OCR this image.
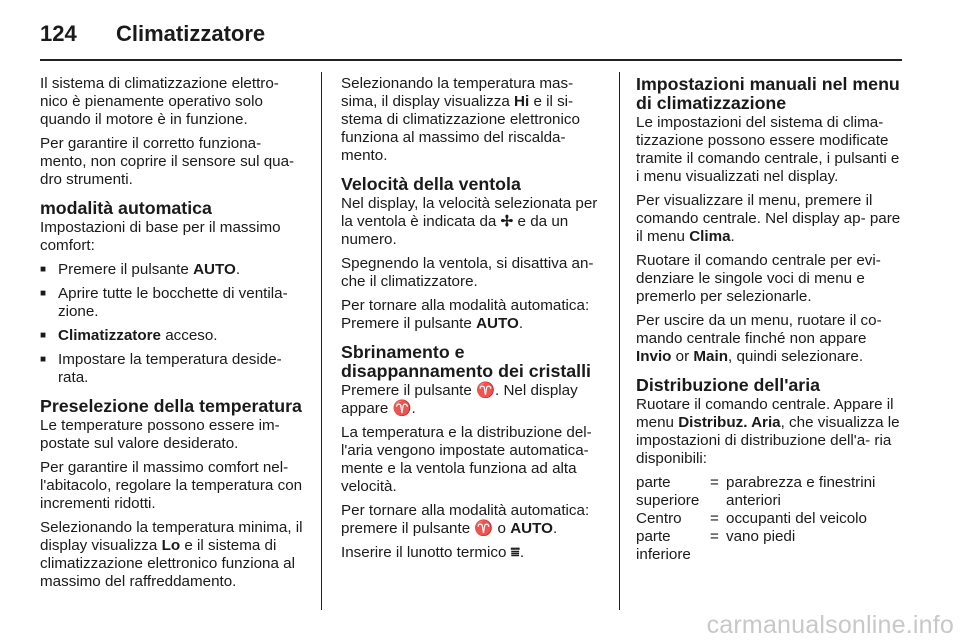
124	Climatizzatore

Il sistema di climatizzazione elettro- nico è pienamente operativo solo quando il motore è in funzione.

Per garantire il corretto funziona- mento, non coprire il sensore sul qua- dro strumenti.

modalità automatica

Impostazioni di base per il massimo comfort:

■ Premere il pulsante AUTO.
■ Aprire tutte le bocchette di ventila- zione.
■ Climatizzatore acceso.
■ Impostare la temperatura deside- rata.
Preselezione della temperatura

Le temperature possono essere im- postate sul valore desiderato.

Per garantire il massimo comfort nel- l'abitacolo, regolare la temperatura con incrementi ridotti.

Selezionando la temperatura minima, il display visualizza Lo e il sistema di climatizzazione elettronico funziona al massimo del raffreddamento.

Selezionando la temperatura mas- sima, il display visualizza Hi e il si- stema di climatizzazione elettronico funziona al massimo del riscalda- mento.

Velocità della ventola

Nel display, la velocità selezionata per la ventola è indicata da ✢ e da un numero.

Spegnendo la ventola, si disattiva an- che il climatizzatore.

Per tornare alla modalità automatica: Premere il pulsante AUTO.

Sbrinamento e disappannamento dei cristalli

Premere il pulsante ♈. Nel display appare ♈.

La temperatura e la distribuzione del- l'aria vengono impostate automatica- mente e la ventola funziona ad alta velocità.

Per tornare alla modalità automatica: premere il pulsante ♈ o AUTO.

Inserire il lunotto termico ⩸.

Impostazioni manuali nel menu di climatizzazione

Le impostazioni del sistema di clima- tizzazione possono essere modificate tramite il comando centrale, i pulsanti e i menu visualizzati nel display.

Per visualizzare il menu, premere il comando centrale. Nel display ap- pare il menu Clima.

Ruotare il comando centrale per evi- denziare le singole voci di menu e premerlo per selezionarle.

Per uscire da un menu, ruotare il co- mando centrale finché non appare Invio or Main, quindi selezionare.

Distribuzione dell'aria

Ruotare il comando centrale. Appare il menu Distribuz. Aria, che visualizza le impostazioni di distribuzione dell'a- ria disponibili:

parte superiore
= parabrezza e finestrini anteriori
Centro	= occupanti del veicolo
parte inferiore
= vano piedi
carmanualsonline.info
